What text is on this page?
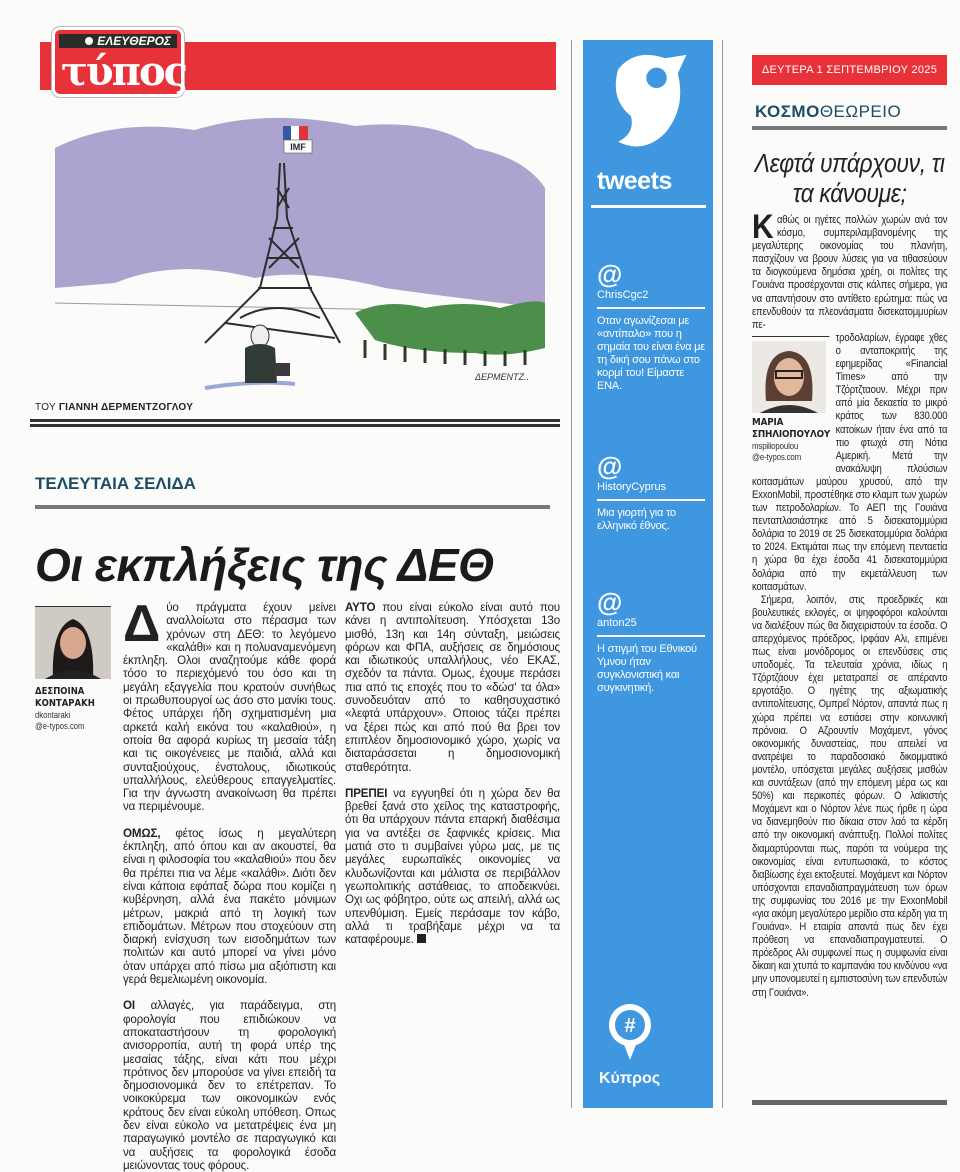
ΕΛΕΥΘΕΡΟΣ
τύπος
IMF
ΔΕΡΜΕΝΤΖ..
ΤΟΥ ΓΙΑΝΝΗ ΔΕΡΜΕΝΤΖΟΓΛΟΥ
ΤΕΛΕΥΤΑΙΑ ΣΕΛΙΔΑ
Οι εκπλήξεις της ΔΕΘ
ΔΕΣΠΟΙΝΑ
ΚΟΝΤΑΡΑΚΗ
dkontaraki
@e-typos.com

Δύο πράγματα έχουν μείνει αναλλοίωτα στο πέρασμα των χρόνων στη ΔΕΘ: το λεγόμενο «καλάθι» και η πολυαναμενόμενη έκπληξη. Ολοι αναζητούμε κάθε φορά τόσο το περιεχόμενό του όσο και τη μεγάλη εξαγγελία που κρατούν συνήθως οι πρωθυπουργοί ως άσο στο μανίκι τους. Φέτος υπάρχει ήδη σχηματισμένη μια αρκετά καλή εικόνα του «καλαθιού», η οποία θα αφορά κυρίως τη μεσαία τάξη και τις οικογένειες με παιδιά, αλλά και συνταξιούχους, ένστολους, ιδιωτικούς υπαλλήλους, ελεύθερους επαγγελματίες. Για την άγνωστη ανακοίνωση θα πρέπει να περιμένουμε.

ΟΜΩΣ, φέτος ίσως η μεγαλύτερη έκπληξη, από όπου και αν ακουστεί, θα είναι η φιλοσοφία του «καλαθιού» που δεν θα πρέπει πια να λέμε «καλάθι». Διότι δεν είναι κάποια εφάπαξ δώρα που κομίζει η κυβέρνηση, αλλά ένα πακέτο μόνιμων μέτρων, μακριά από τη λογική των επιδομάτων. Μέτρων που στοχεύουν στη διαρκή ενίσχυση των εισοδημάτων των πολιτών και αυτό μπορεί να γίνει μόνο όταν υπάρχει από πίσω μια αξιόπιστη και γερά θεμελιωμένη οικονομία.

ΟΙ αλλαγές, για παράδειγμα, στη φορολογία που επιδιώκουν να αποκαταστήσουν τη φορολογική ανισορροπία, αυτή τη φορά υπέρ της μεσαίας τάξης, είναι κάτι που μέχρι πρότινος δεν μπορούσε να γίνει επειδή τα δημοσιονομικά δεν το επέτρεπαν. Το νοικοκύρεμα των οικονομικών ενός κράτους δεν είναι εύκολη υπόθεση. Οπως δεν είναι εύκολο να μετατρέψεις ένα μη παραγωγικό μοντέλο σε παραγωγικό και να αυξήσεις τα φορολογικά έσοδα μειώνοντας τους φόρους.

ΑΥΤΟ που είναι εύκολο είναι αυτό που κάνει η αντιπολίτευση. Υπόσχεται 13ο μισθό, 13η και 14η σύνταξη, μειώσεις φόρων και ΦΠΑ, αυξήσεις σε δημόσιους και ιδιωτικούς υπαλλήλους, νέο ΕΚΑΣ, σχεδόν τα πάντα. Ομως, έχουμε περάσει πια από τις εποχές που το «δώσ' τα όλα» συνοδευόταν από το καθησυχαστικό «λεφτά υπάρχουν». Οποιος τάζει πρέπει να ξέρει πώς και από πού θα βρει τον επιπλέον δημοσιονομικό χώρο, χωρίς να διαταράσσεται η δημοσιονομική σταθερότητα.

ΠΡΕΠΕΙ να εγγυηθεί ότι η χώρα δεν θα βρεθεί ξανά στο χείλος της καταστροφής, ότι θα υπάρχουν πάντα επαρκή διαθέσιμα για να αντέξει σε ξαφνικές κρίσεις. Μια ματιά στο τι συμβαίνει γύρω μας, με τις μεγάλες ευρωπαϊκές οικονομίες να κλυδωνίζονται και μάλιστα σε περιβάλλον γεωπολιτικής αστάθειας, το αποδεικνύει. Οχι ως φόβητρο, ούτε ως απειλή, αλλά ως υπενθύμιση. Εμείς περάσαμε τον κάβο, αλλά τι τραβήξαμε μέχρι να τα καταφέρουμε.

tweets
@
ChrisCgc2
Οταν αγωνίζεσαι με «αντίπαλο» που η σημαία του είναι ένα με τη δική σου πάνω στο κορμί του! Είμαστε ΕΝΑ.
@
HistoryCyprus
Μια γιορτή για το ελληνικό έθνος.
@
anton25
Η στιγμή του Εθνικού Υμνου ήταν συγκλονιστική και συγκινητική.
#
Κύπρος
ΔΕΥΤΕΡΑ 1 ΣΕΠΤΕΜΒΡΙΟΥ 2025
ΚΟΣΜΟΘΕΩΡΕΙΟ
Λεφτά υπάρχουν, τι τα κάνουμε;

Καθώς οι ηγέτες πολλών χωρών ανά τον κόσμο, συμπεριλαμβανομένης της μεγαλύτερης οικονομίας του πλανήτη, πασχίζουν να βρουν λύσεις για να τιθασεύουν τα διογκούμενα δημόσια χρέη, οι πολίτες της Γουιάνα προσέρχονται στις κάλπες σήμερα, για να απαντήσουν στο αντίθετο ερώτημα: πώς να επενδυθούν τα πλεονάσματα δισεκατομμυρίων πε-

ΜΑΡΙΑ
ΣΠΗΛΙΟΠΟΥΛΟΥ
mspiliopoulou
@e-typos.com

τροδολαρίων, έγραφε χθες ο ανταποκριτής της εφημερίδας «Financial Times» από την Τζόρτζταουν. Μέχρι πριν από μία δεκαετία το μικρό κράτος των 830.000 κατοίκων ήταν ένα από τα πιο φτωχά στη Νότια Αμερική. Μετά την ανακάλυψη πλούσιων κοιτασμάτων μαύρου χρυσού, από την ExxonMobil, προστέθηκε στο κλαμπ των χωρών των πετροδολαρίων. Το ΑΕΠ της Γουιάνα πενταπλασιάστηκε από 5 δισεκατομμύρια δολάρια το 2019 σε 25 δισεκατομμύρια δολάρια το 2024. Εκτιμάται πως την επόμενη πενταετία η χώρα θα έχει έσοδα 41 δισεκατομμύρια δολάρια από την εκμετάλλευση των κοιτασμάτων.

Σήμερα, λοιπόν, στις προεδρικές και βουλευτικές εκλογές, οι ψηφοφόροι καλούνται να διαλέξουν πώς θα διαχειριστούν τα έσοδα. Ο απερχόμενος πρόεδρος, Ιρφάαν Αλι, επιμένει πως είναι μονόδρομος οι επενδύσεις στις υποδομές. Τα τελευταία χρόνια, ιδίως η Τζόρτζάουν έχει μετατραπεί σε απέραντο εργοτάξιο. Ο ηγέτης της αξιωματικής αντιπολίτευσης, Ομπρεΐ Νόρτον, απαντά πως η χώρα πρέπει να εστιάσει στην κοινωνική πρόνοια. Ο Αζρουντίν Μοχάμεντ, γόνος οικονομικής δυναστείας, που απειλεί να ανατρέψει το παραδοσιακό δικομματικό μοντέλο, υπόσχεται μεγάλες αυξήσεις μισθών και συντάξεων (από την επόμενη μέρα ως και 50%) και περικοπές φόρων. Ο λαϊκιστής Μοχάμεντ και ο Νόρτον λένε πως ήρθε η ώρα να διανεμηθούν πιο δίκαια στον λαό τα κέρδη από την οικονομική ανάπτυξη. Πολλοί πολίτες διαμαρτύρονται πως, παρότι τα νούμερα της οικονομίας είναι εντυπωσιακά, το κόστος διαβίωσης έχει εκτοξευτεί. Μοχάμεντ και Νόρτον υπόσχονται επαναδιαπραγμάτευση των όρων της συμφωνίας του 2016 με την ExxonMobil «για ακόμη μεγαλύτερο μερίδιο στα κέρδη για τη Γουιάνα». Η εταιρία απαντά πως δεν έχει πρόθεση να επαναδιαπραγματευτεί. Ο πρόεδρος Αλι συμφωνεί πως η συμφωνία είναι δίκαιη και χτυπά το καμπανάκι του κινδύνου «να μην υπονομευτεί η εμπιστοσύνη των επενδυτών στη Γουιάνα».
